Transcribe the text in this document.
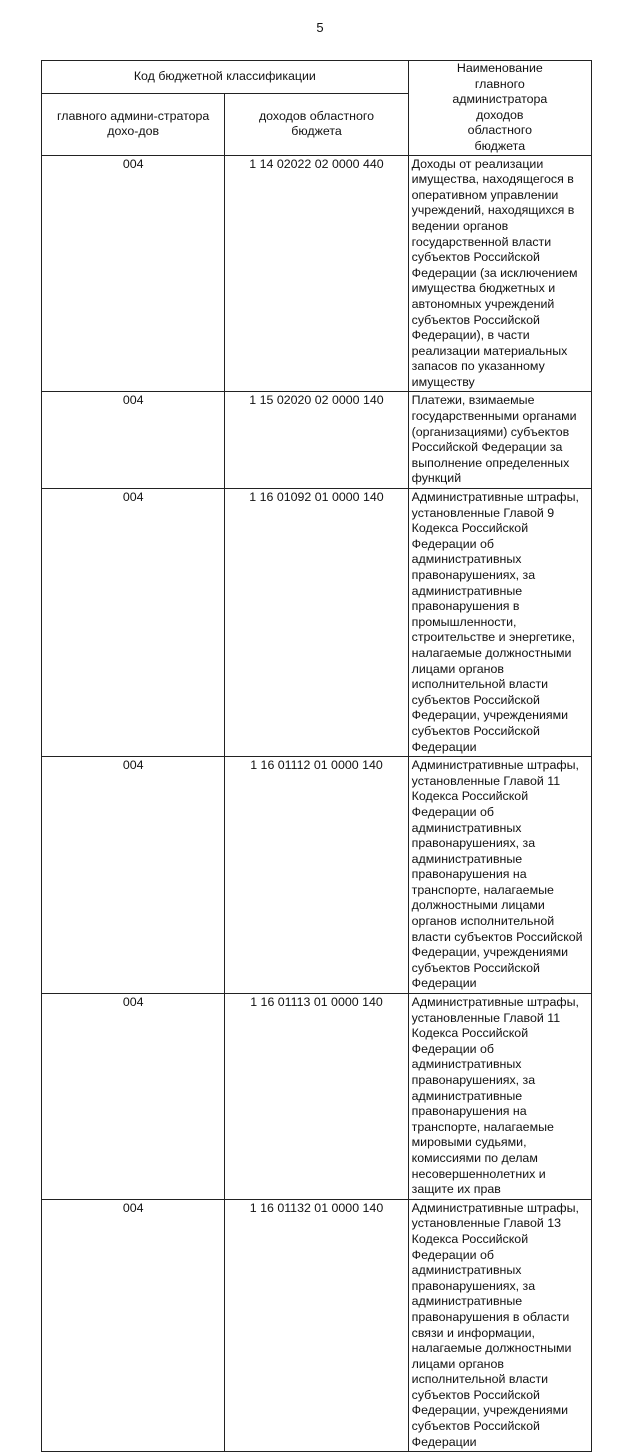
5
Код бюджетной классификации		Наименование главного администратора доходов областного бюджета
главного админи-стратора дохо-дов	доходов областного бюджета	

004	1 14 02022 02 0000 440	Доходы от реализации имущества, находящегося в оперативном управлении учреждений, находящихся в ведении органов государственной власти субъектов Российской Федерации (за исключением имущества бюджетных и автономных учреждений субъектов Российской Федерации), в части реализации материальных запасов по указанному имуществу
004	1 15 02020 02 0000 140	Платежи, взимаемые государственными органами (организациями) субъектов Российской Федерации за выполнение определенных функций
004	1 16 01092 01 0000 140	Административные штрафы, установленные Главой 9 Кодекса Российской Федерации об административных правонарушениях, за административные правонарушения в промышленности, строительстве и энергетике, налагаемые должностными лицами органов исполнительной власти субъектов Российской Федерации, учреждениями субъектов Российской Федерации
004	1 16 01112 01 0000 140	Административные штрафы, установленные Главой 11 Кодекса Российской Федерации об административных правонарушениях, за административные правонарушения на транспорте, налагаемые должностными лицами органов исполнительной власти субъектов Российской Федерации, учреждениями субъектов Российской Федерации
004	1 16 01113 01 0000 140	Административные штрафы, установленные Главой 11 Кодекса Российской Федерации об административных правонарушениях, за административные правонарушения на транспорте, налагаемые мировыми судьями, комиссиями по делам несовершеннолетних и защите их прав
004	1 16 01132 01 0000 140	Административные штрафы, установленные Главой 13 Кодекса Российской Федерации об административных правонарушениях, за административные правонарушения в области связи и информации, налагаемые должностными лицами органов исполнительной власти субъектов Российской Федерации, учреждениями субъектов Российской Федерации
